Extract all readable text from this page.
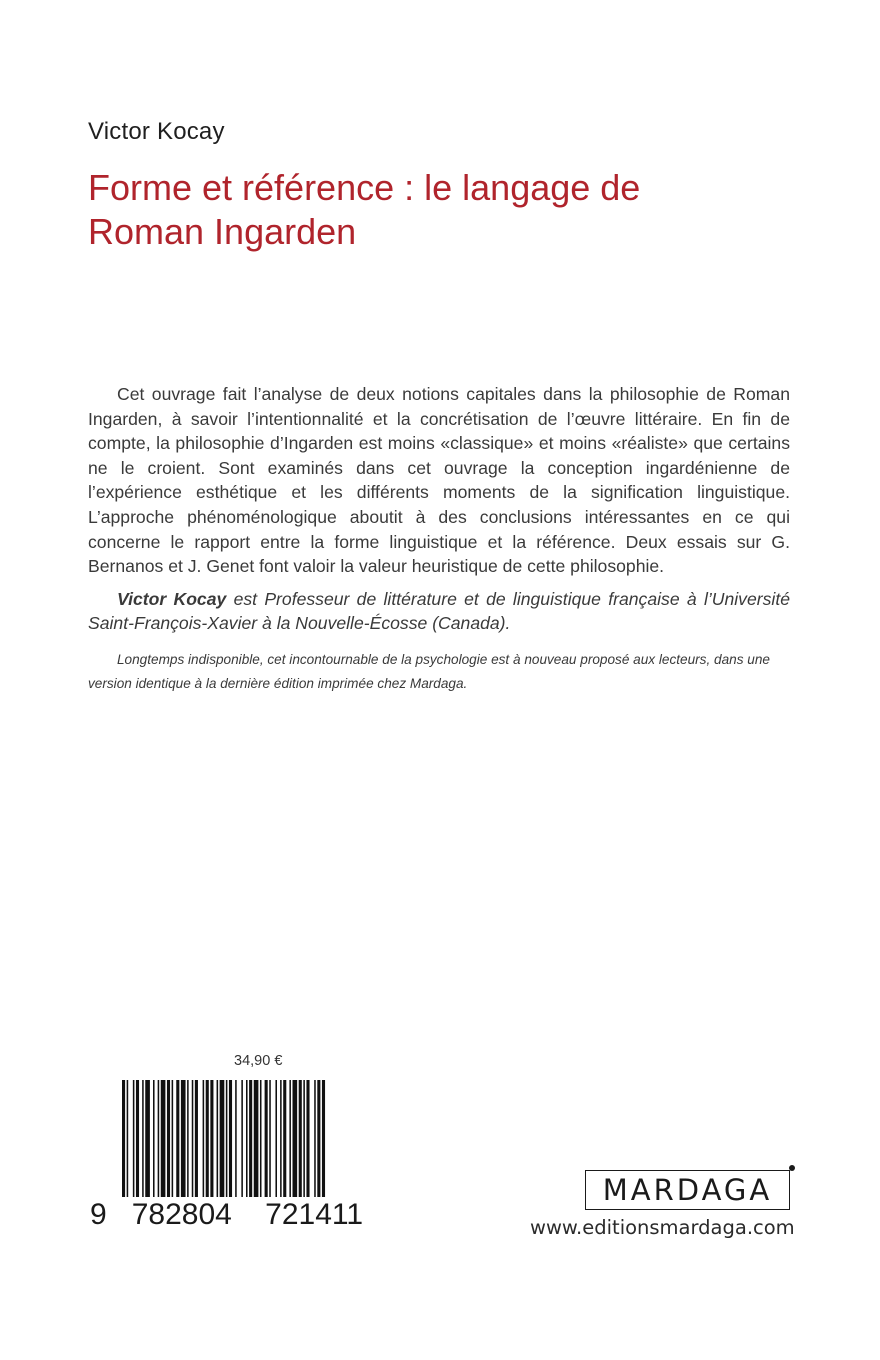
Victor Kocay
Forme et référence : le langage de
Roman Ingarden

Cet ouvrage fait l’analyse de deux notions capitales dans la philosophie de Roman Ingarden, à savoir l’intentionnalité et la concrétisation de l’œuvre littéraire. En fin de compte, la philosophie d’Ingarden est moins «classique» et moins «réaliste» que certains ne le croient. Sont examinés dans cet ouvrage la conception ingardénienne de l’expérience esthétique et les différents moments de la signification linguistique. L’approche phénoménologique aboutit à des conclusions intéressantes en ce qui concerne le rapport entre la forme linguistique et la référence. Deux essais sur G. Bernanos et J. Genet font valoir la valeur heuristique de cette philosophie.

Victor Kocay est Professeur de littérature et de linguistique française à l’Université Saint-François-Xavier à la Nouvelle-Écosse (Canada).

Longtemps indisponible, cet incontournable de la psychologie est à nouveau proposé aux lecteurs, dans une version identique à la dernière édition imprimée chez Mardaga.

34,90 €
9 782804 721411
MARDAGA
www.editionsmardaga.com
